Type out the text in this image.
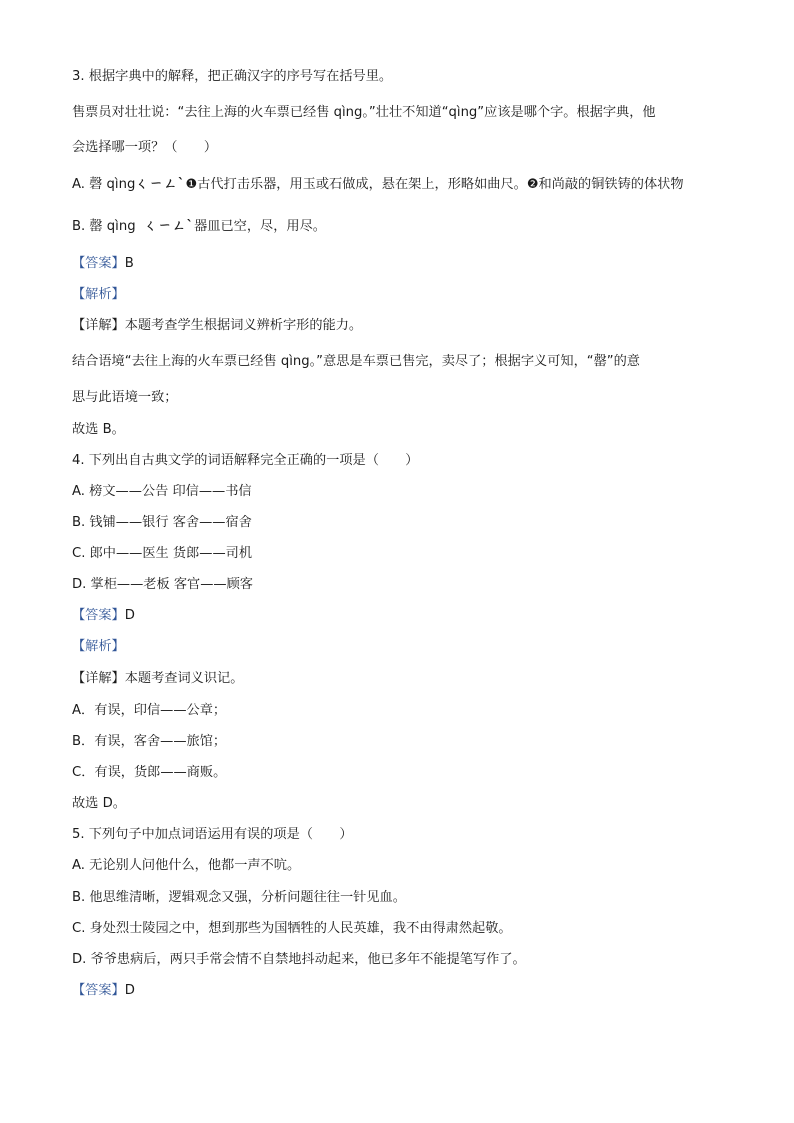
3. 根据字典中的解释，把正确汉字的序号写在括号里。
售票员对壮壮说：“去往上海的火车票已经售 qìng。”壮壮不知道“qìng”应该是哪个字。根据字典，他
会选择哪一项？（　　）
A. 磬 qìngㄑㄧㄥˋ❶古代打击乐器，用玉或石做成，悬在架上，形略如曲尺。❷和尚敲的铜铁铸的体状物
B. 罄 qìng ㄑㄧㄥˋ器皿已空，尽，用尽。
【答案】B
【解析】
【详解】本题考查学生根据词义辨析字形的能力。
结合语境“去往上海的火车票已经售 qìng。”意思是车票已售完，卖尽了；根据字义可知，“罄”的意
思与此语境一致；
故选 B。
4. 下列出自古典文学的词语解释完全正确的一项是（　　）
A. 榜文——公告 印信——书信
B. 钱铺——银行 客舍——宿舍
C. 郎中——医生 货郎——司机
D. 掌柜——老板 客官——顾客
【答案】D
【解析】
【详解】本题考查词义识记。
A．有误，印信——公章；
B．有误，客舍——旅馆；
C．有误，货郎——商贩。
故选 D。
5. 下列句子中加点词语运用有误的项是（　　）
A. 无论别人问他什么，他都一声不吭。
B. 他思维清晰，逻辑观念又强，分析问题往往一针见血。
C. 身处烈士陵园之中，想到那些为国牺牲的人民英雄，我不由得肃然起敬。
D. 爷爷患病后，两只手常会情不自禁地抖动起来，他已多年不能提笔写作了。
【答案】D
